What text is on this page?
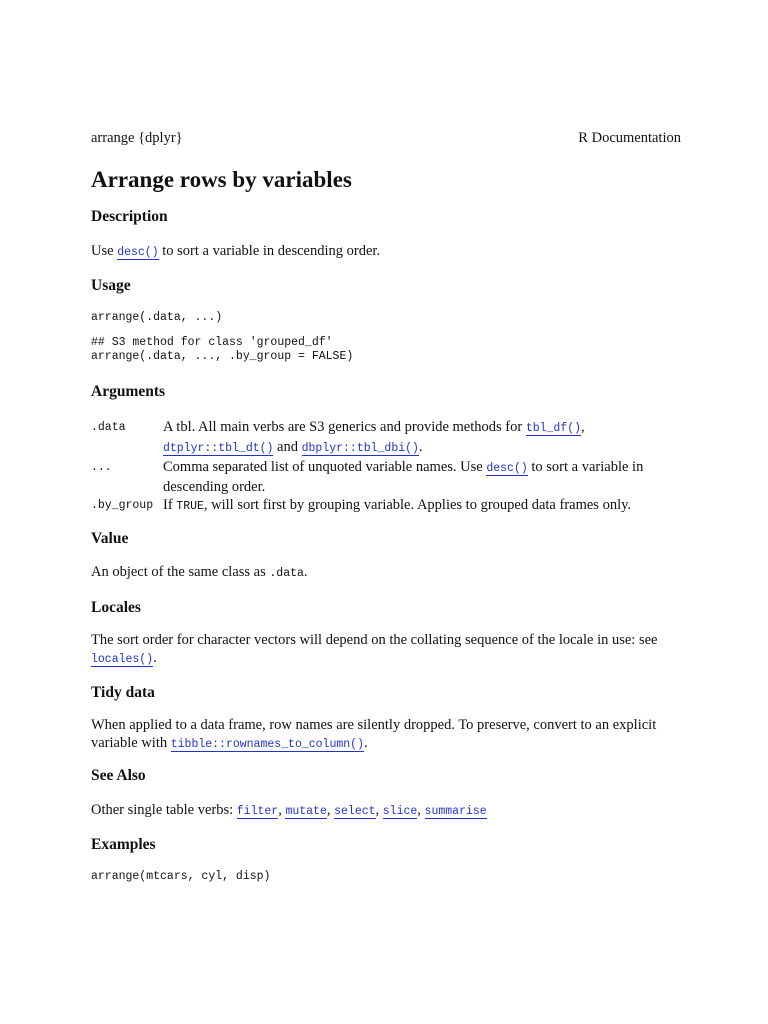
arrange {dplyr}	R Documentation
Arrange rows by variables
Description

Use desc() to sort a variable in descending order.

Usage
arrange(.data, ...)
## S3 method for class 'grouped_df'
arrange(.data, ..., .by_group = FALSE)
Arguments
.data	A tbl. All main verbs are S3 generics and provide methods for tbl_df(),
dtplyr::tbl_dt() and dbplyr::tbl_dbi().
...	Comma separated list of unquoted variable names. Use desc() to sort a variable in descending order.
.by_group	If TRUE, will sort first by grouping variable. Applies to grouped data frames only.
Value

An object of the same class as .data.

Locales

The sort order for character vectors will depend on the collating sequence of the locale in use: see locales().

Tidy data

When applied to a data frame, row names are silently dropped. To preserve, convert to an explicit variable with tibble::rownames_to_column().

See Also

Other single table verbs: filter, mutate, select, slice, summarise

Examples
arrange(mtcars, cyl, disp)
